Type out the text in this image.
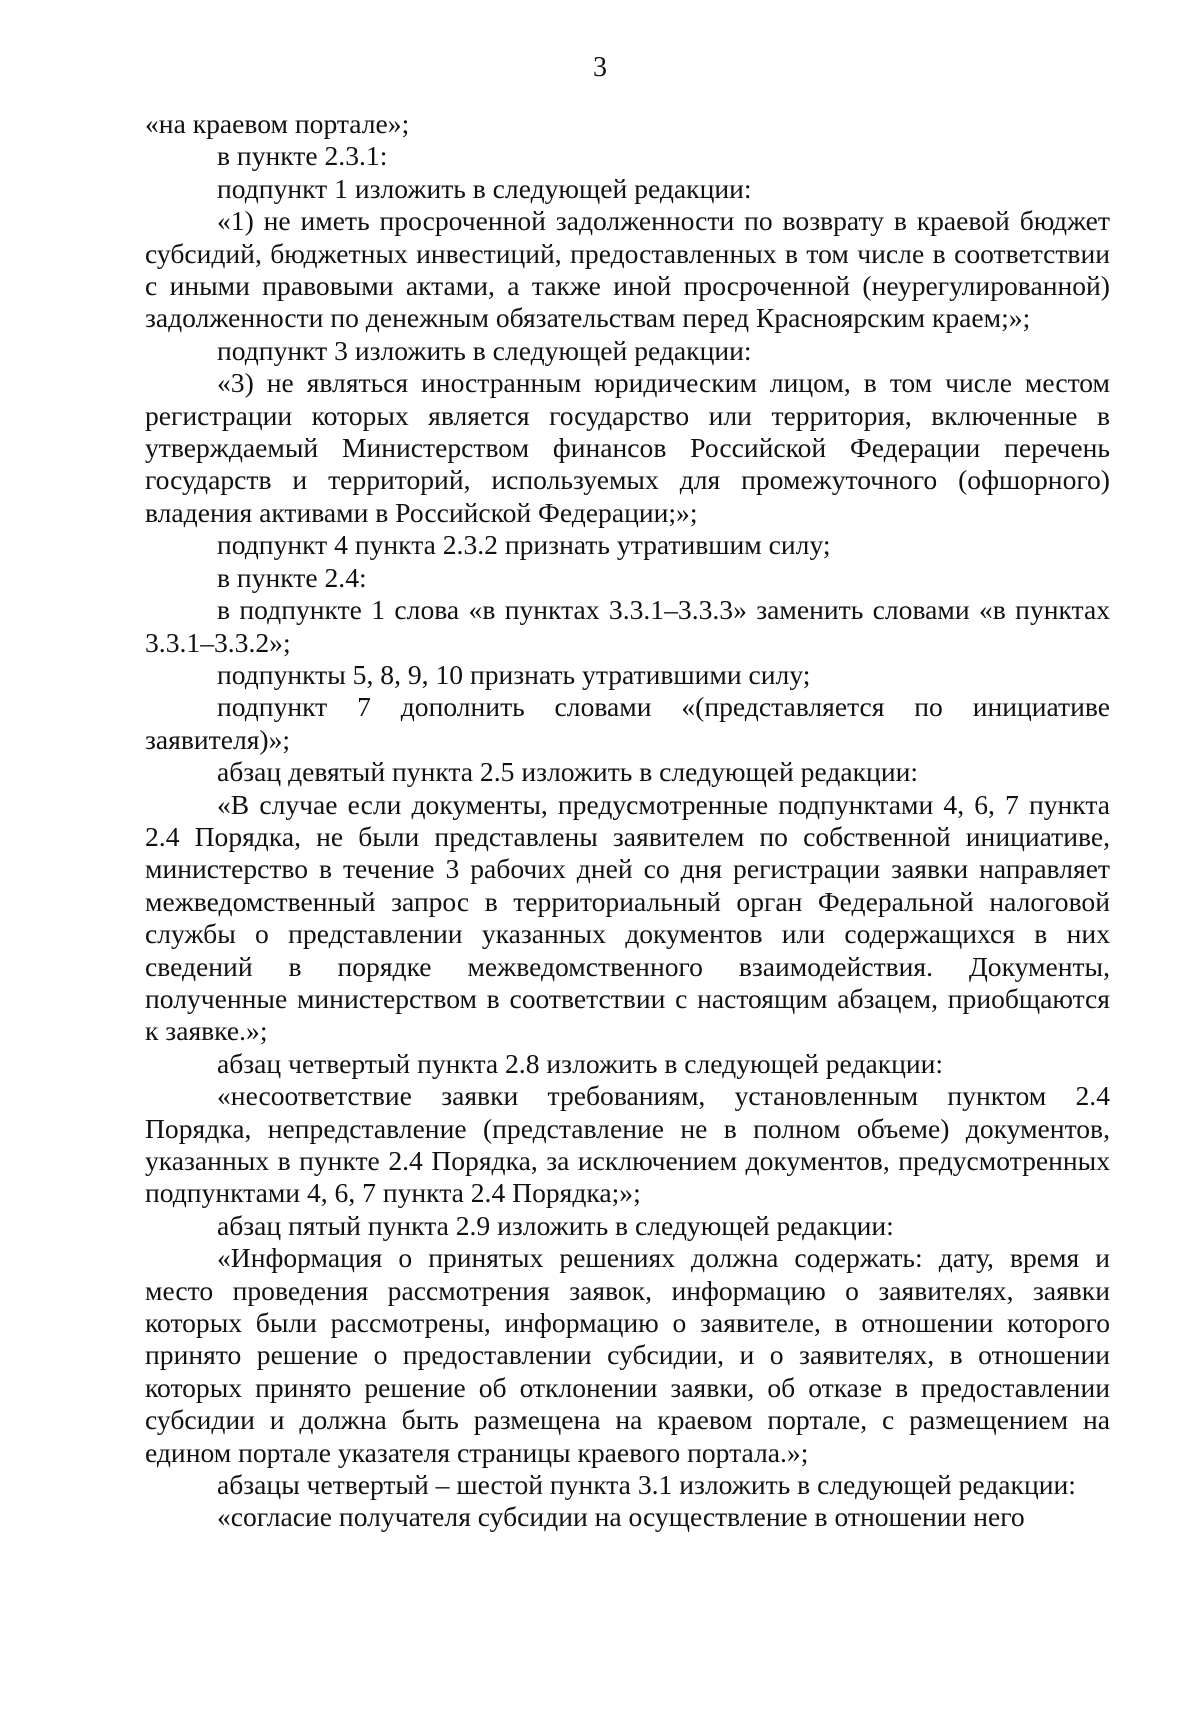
3

«на краевом портале»;

в пункте 2.3.1:

подпункт 1 изложить в следующей редакции:

«1) не иметь просроченной задолженности по возврату в краевой бюджет субсидий, бюджетных инвестиций, предоставленных в том числе в соответствии с иными правовыми актами, а также иной просроченной (неурегулированной) задолженности по денежным обязательствам перед Красноярским краем;»;

подпункт 3 изложить в следующей редакции:

«3) не являться иностранным юридическим лицом, в том числе местом регистрации которых является государство или территория, включенные в утверждаемый Министерством финансов Российской Федерации перечень государств и территорий, используемых для промежуточного (офшорного) владения активами в Российской Федерации;»;

подпункт 4 пункта 2.3.2 признать утратившим силу;

в пункте 2.4:

в подпункте 1 слова «в пунктах 3.3.1–3.3.3» заменить словами «в пунктах 3.3.1–3.3.2»;

подпункты 5, 8, 9, 10 признать утратившими силу;

подпункт 7 дополнить словами «(представляется по инициативе заявителя)»;

абзац девятый пункта 2.5 изложить в следующей редакции:

«В случае если документы, предусмотренные подпунктами 4, 6, 7 пункта 2.4 Порядка, не были представлены заявителем по собственной инициативе, министерство в течение 3 рабочих дней со дня регистрации заявки направляет межведомственный запрос в территориальный орган Федеральной налоговой службы о представлении указанных документов или содержащихся в них сведений в порядке межведомственного взаимодействия. Документы, полученные министерством в соответствии с настоящим абзацем, приобщаются к заявке.»;

абзац четвертый пункта 2.8 изложить в следующей редакции:

«несоответствие заявки требованиям, установленным пунктом 2.4 Порядка, непредставление (представление не в полном объеме) документов, указанных в пункте 2.4 Порядка, за исключением документов, предусмотренных подпунктами 4, 6, 7 пункта 2.4 Порядка;»;

абзац пятый пункта 2.9 изложить в следующей редакции:

«Информация о принятых решениях должна содержать: дату, время и место проведения рассмотрения заявок, информацию о заявителях, заявки которых были рассмотрены, информацию о заявителе, в отношении которого принято решение о предоставлении субсидии, и о заявителях, в отношении которых принято решение об отклонении заявки, об отказе в предоставлении субсидии и должна быть размещена на краевом портале, с размещением на едином портале указателя страницы краевого портала.»;

абзацы четвертый – шестой пункта 3.1 изложить в следующей редакции:

«согласие получателя субсидии на осуществление в отношении него
